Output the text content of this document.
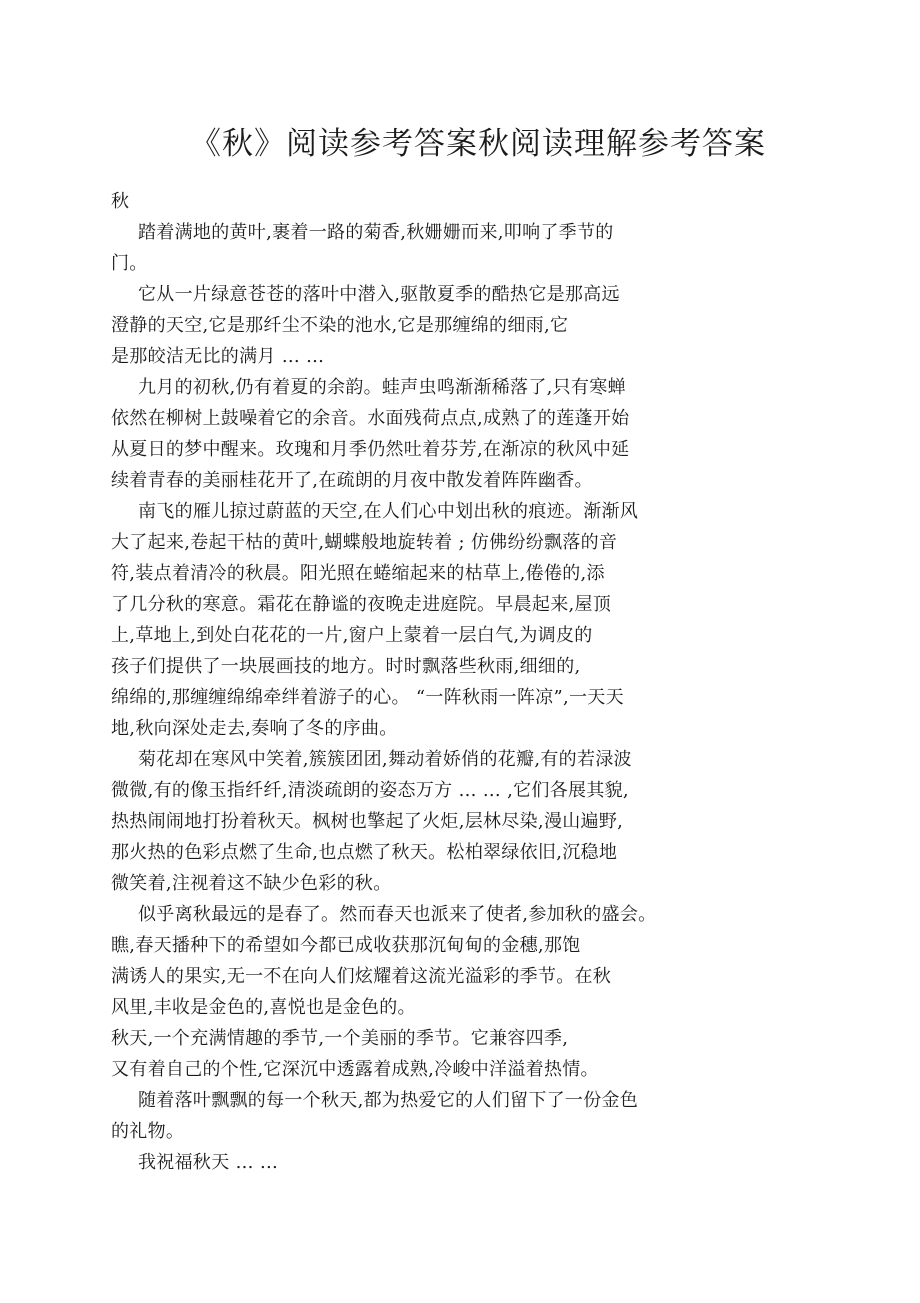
《秋》阅读参考答案秋阅读理解参考答案
秋
踏着满地的黄叶,裹着一路的菊香,秋姗姗而来,叩响了季节的
门。
它从一片绿意苍苍的落叶中潜入,驱散夏季的酷热它是那高远
澄静的天空,它是那纤尘不染的池水,它是那缠绵的细雨,它
是那皎洁无比的满月 … …
九月的初秋,仍有着夏的余韵。蛙声虫鸣渐渐稀落了,只有寒蝉
依然在柳树上鼓噪着它的余音。水面残荷点点,成熟了的莲蓬开始
从夏日的梦中醒来。玫瑰和月季仍然吐着芬芳,在渐凉的秋风中延
续着青春的美丽桂花开了,在疏朗的月夜中散发着阵阵幽香。
南飞的雁儿掠过蔚蓝的天空,在人们心中划出秋的痕迹。渐渐风
大了起来,卷起干枯的黄叶,蝴蝶般地旋转着 ; 仿佛纷纷飘落的音
符,装点着清冷的秋晨。阳光照在蜷缩起来的枯草上,倦倦的,添
了几分秋的寒意。霜花在静谧的夜晚走进庭院。早晨起来,屋顶
上,草地上,到处白花花的一片,窗户上蒙着一层白气,为调皮的
孩子们提供了一块展画技的地方。时时飘落些秋雨,细细的,
绵绵的,那缠缠绵绵牵绊着游子的心。 “一阵秋雨一阵凉”,一天天
地,秋向深处走去,奏响了冬的序曲。
菊花却在寒风中笑着,簇簇团团,舞动着娇俏的花瓣,有的若渌波
微微,有的像玉指纤纤,清淡疏朗的姿态万方 … … ,它们各展其貌,
热热闹闹地打扮着秋天。枫树也擎起了火炬,层林尽染,漫山遍野,
那火热的色彩点燃了生命,也点燃了秋天。松柏翠绿依旧,沉稳地
微笑着,注视着这不缺少色彩的秋。
似乎离秋最远的是春了。然而春天也派来了使者,参加秋的盛会。
瞧,春天播种下的希望如今都已成收获那沉甸甸的金穗,那饱
满诱人的果实,无一不在向人们炫耀着这流光溢彩的季节。在秋
风里,丰收是金色的,喜悦也是金色的。
秋天,一个充满情趣的季节,一个美丽的季节。它兼容四季,
又有着自己的个性,它深沉中透露着成熟,冷峻中洋溢着热情。
随着落叶飘飘的每一个秋天,都为热爱它的人们留下了一份金色
的礼物。
我祝福秋天 … …
